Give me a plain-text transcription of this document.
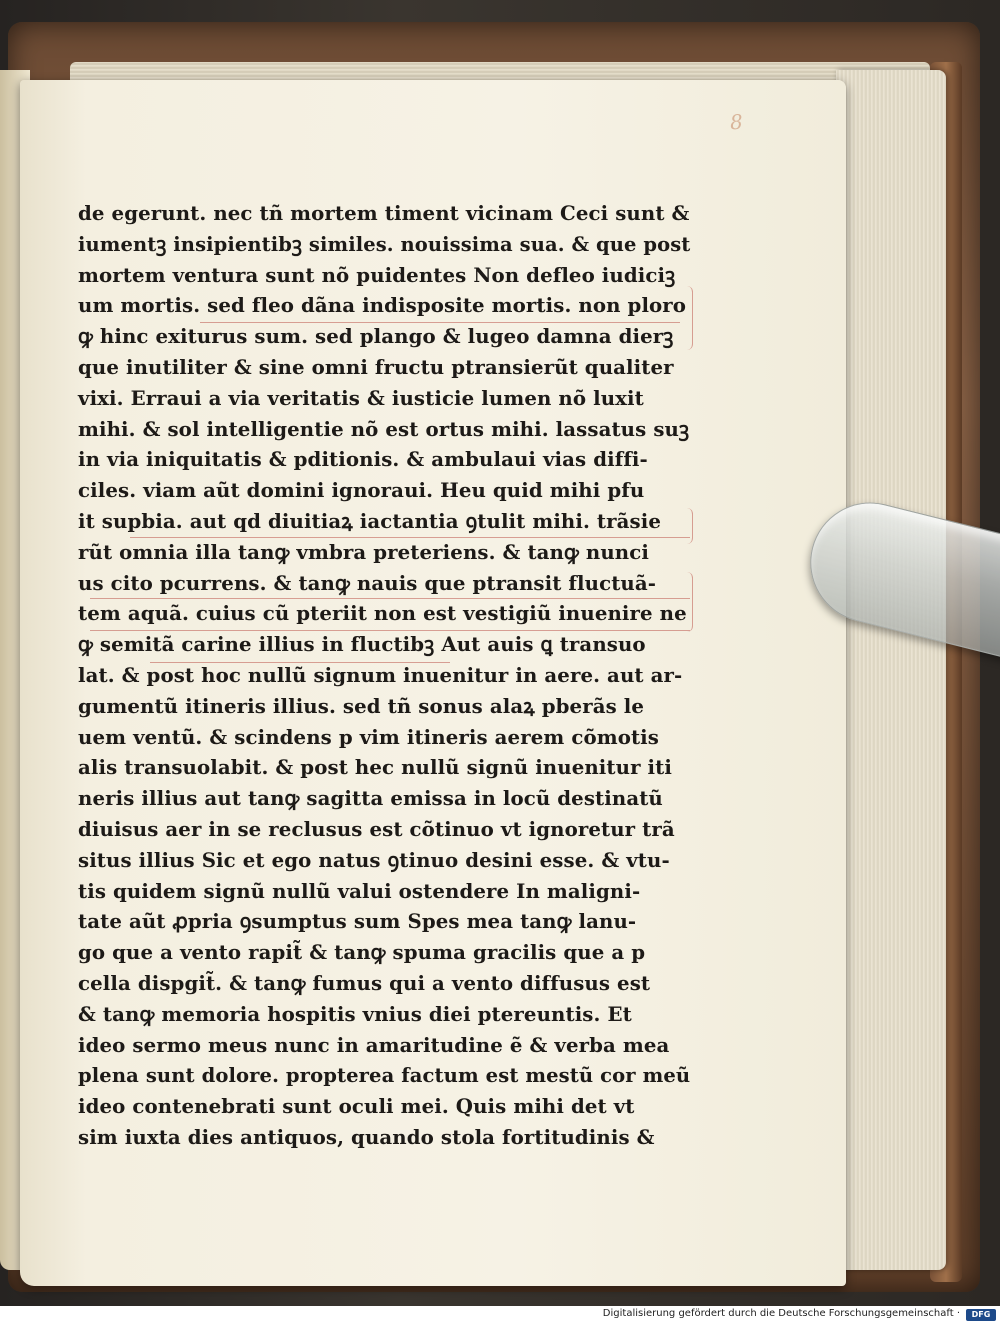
8
de egerunt. nec tñ mortem timent vicinam Ceci sunt &
iumentꝫ insipientibꝫ similes. nouissima sua. & que post
mortem ventura sunt nõ puidentes Non defleo iudiciꝫ
um mortis. sed fleo dãna indisposite mortis. non ploro
ꝙ hinc exiturus sum. sed plango & lugeo damna dierꝫ
que inutiliter & sine omni fructu ptransierũt qualiter
vixi. Erraui a via veritatis & iusticie lumen nõ luxit
mihi. & sol intelligentie nõ est ortus mihi. lassatus suꝫ
in via iniquitatis & pditionis. & ambulaui vias diffi-
ciles. viam aũt domini ignoraui. Heu quid mihi pfu
it supbia. aut qd diuitiaꝝ iactantia ꝯtulit mihi. trãsie
rũt omnia illa tanꝙ vmbra preteriens. & tanꝙ nunci
us cito pcurrens. & tanꝙ nauis que ptransit fluctuã-
tem aquã. cuius cũ pteriit non est vestigiũ inuenire ne
ꝙ semitã carine illius in fluctibꝫ Aut auis ꝗ transuo
lat. & post hoc nullũ signum inuenitur in aere. aut ar-
gumentũ itineris illius. sed tñ sonus alaꝝ pberãs le
uem ventũ. & scindens p vim itineris aerem cõmotis
alis transuolabit. & post hec nullũ signũ inuenitur iti
neris illius aut tanꝙ sagitta emissa in locũ destinatũ
diuisus aer in se reclusus est cõtinuo vt ignoretur trã
situs illius Sic et ego natus ꝯtinuo desini esse. & vtu-
tis quidem signũ nullũ valui ostendere In maligni-
tate aũt ꝓpria ꝯsumptus sum Spes mea tanꝙ lanu-
go que a vento rapit̃ & tanꝙ spuma gracilis que a p
cella dispgit̃. & tanꝙ fumus qui a vento diffusus est
& tanꝙ memoria hospitis vnius diei ptereuntis. Et
ideo sermo meus nunc in amaritudine ẽ & verba mea
plena sunt dolore. propterea factum est mestũ cor meũ
ideo contenebrati sunt oculi mei. Quis mihi det vt
sim iuxta dies antiquos, quando stola fortitudinis &
Digitalisierung gefördert durch die Deutsche Forschungsgemeinschaft ·	DFG
